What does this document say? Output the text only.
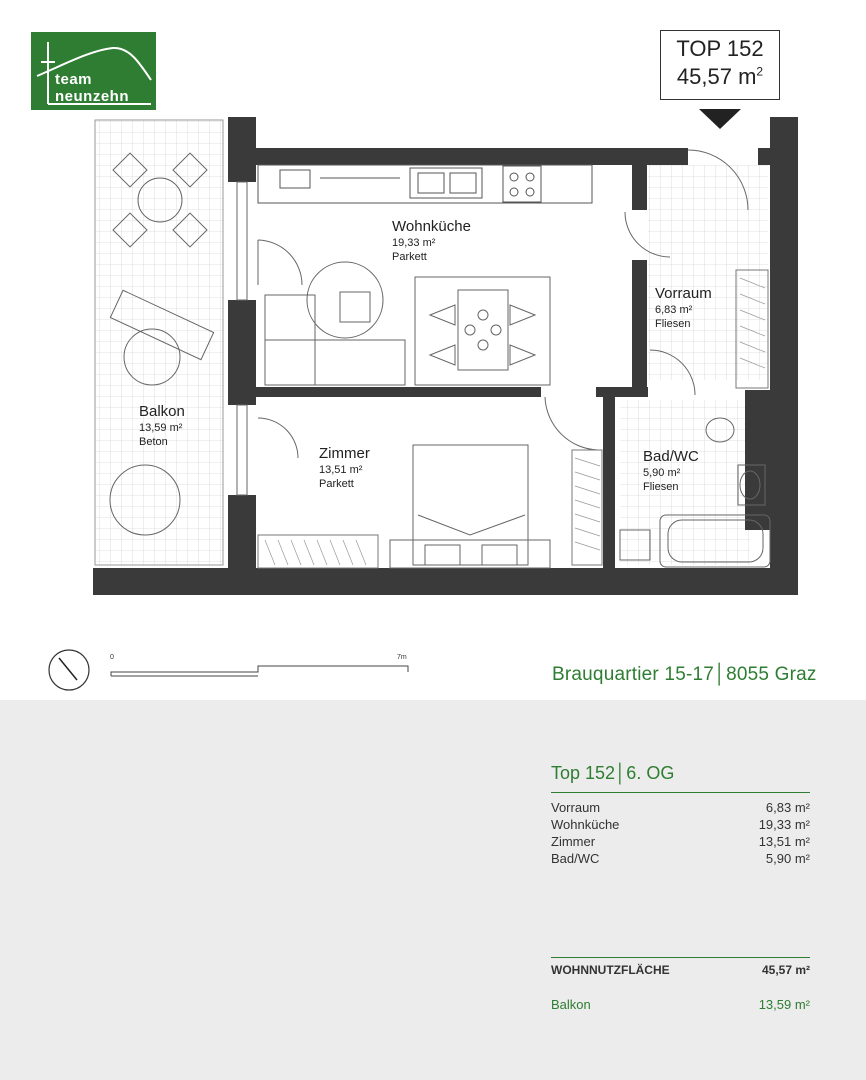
team
neunzehn
TOP 152
45,57 $m^2$
Wohnküche
19,33 m²
Parkett
Vorraum
6,83 m²
Fliesen
Zimmer
13,51 m²
Parkett
Bad/WC
5,90 m²
Fliesen
Balkon
13,59 m²
Beton
0	7m
Brauquartier 15-17│8055 Graz
Top 152│6. OG
Vorraum	6,83 m²
Wohnküche	19,33 m²
Zimmer	13,51 m²
Bad/WC	5,90 m²
WOHNNUTZFLÄCHE	45,57 m²
Balkon	13,59 m²
